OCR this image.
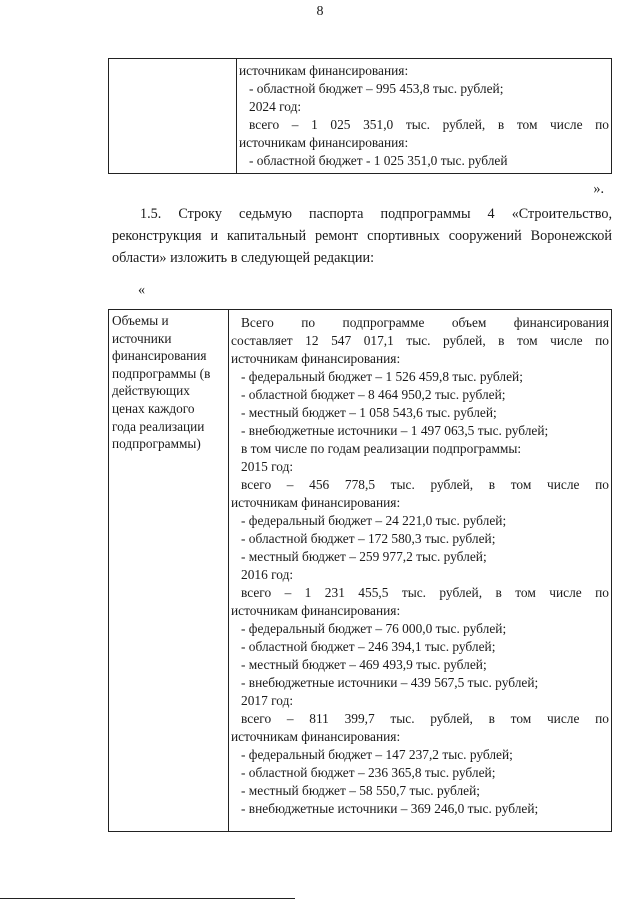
8
источникам финансирования:
- областной бюджет – 995 453,8 тыс. рублей;
2024 год:
всего – 1 025 351,0 тыс. рублей, в том числе по
источникам финансирования:
- областной бюджет - 1 025 351,0 тыс. рублей
».
1.5. Строку седьмую паспорта подпрограммы 4 «Строительство,
реконструкция и капитальный ремонт спортивных сооружений Воронежской
области» изложить в следующей редакции:
«
Объемы и
источники
финансирования
подпрограммы (в
действующих
ценах каждого
года реализации
подпрограммы)
Всего по подпрограмме объем финансирования
составляет 12 547 017,1 тыс. рублей, в том числе по
источникам финансирования:
- федеральный бюджет – 1 526 459,8 тыс. рублей;
- областной бюджет – 8 464 950,2 тыс. рублей;
- местный бюджет – 1 058 543,6 тыс. рублей;
- внебюджетные источники – 1 497 063,5 тыс. рублей;
в том числе по годам реализации подпрограммы:
2015 год:
всего – 456 778,5 тыс. рублей, в том числе по
источникам финансирования:
- федеральный бюджет – 24 221,0 тыс. рублей;
- областной бюджет – 172 580,3 тыс. рублей;
- местный бюджет – 259 977,2 тыс. рублей;
2016 год:
всего – 1 231 455,5 тыс. рублей, в том числе по
источникам финансирования:
- федеральный бюджет – 76 000,0 тыс. рублей;
- областной бюджет – 246 394,1 тыс. рублей;
- местный бюджет – 469 493,9 тыс. рублей;
- внебюджетные источники – 439 567,5 тыс. рублей;
2017 год:
всего – 811 399,7 тыс. рублей, в том числе по
источникам финансирования:
- федеральный бюджет – 147 237,2 тыс. рублей;
- областной бюджет – 236 365,8 тыс. рублей;
- местный бюджет – 58 550,7 тыс. рублей;
- внебюджетные источники – 369 246,0 тыс. рублей;
